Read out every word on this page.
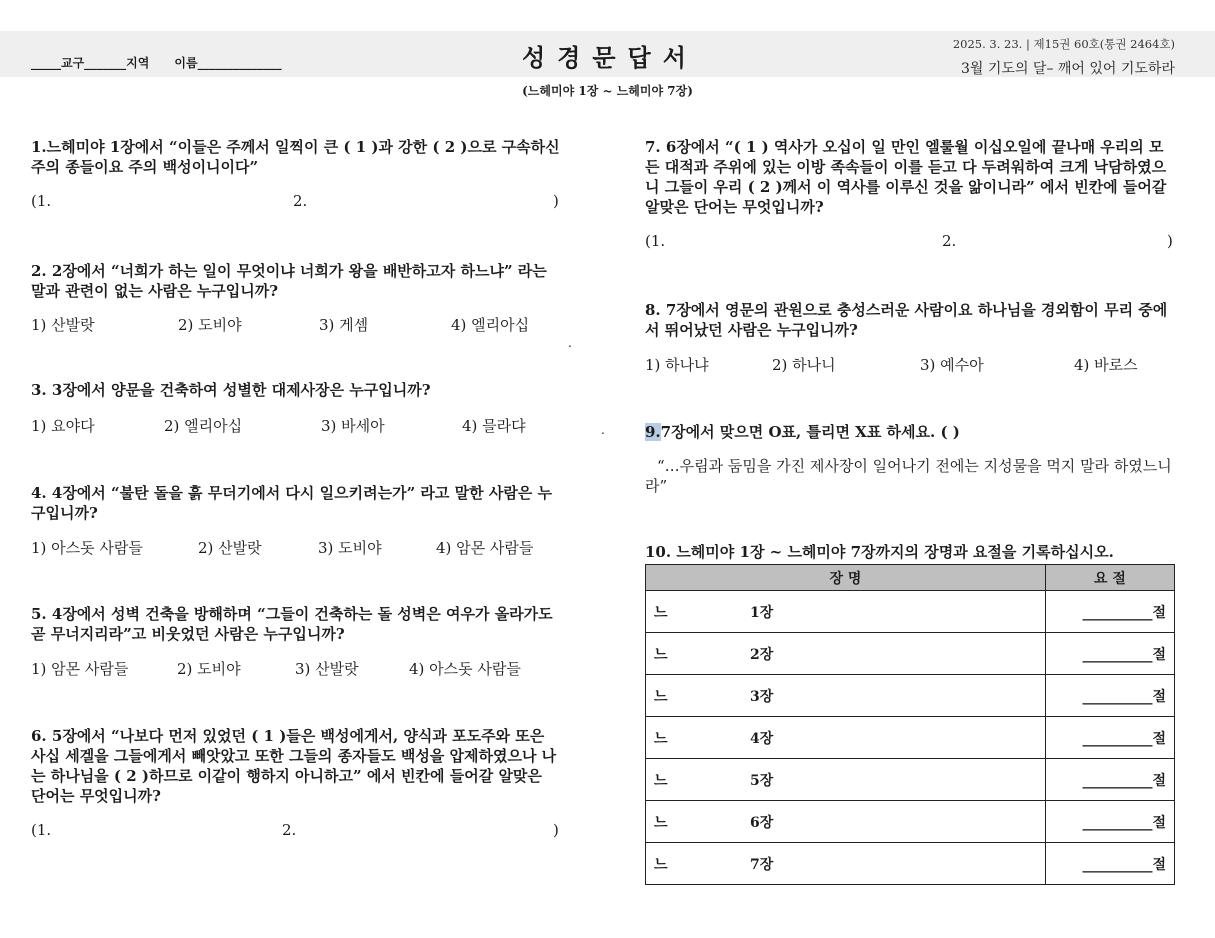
_____교구_______지역      이름______________	성경문답서	2025. 3. 23. | 제15권 60호(통권 2464호)
3월 기도의 달– 깨어 있어 기도하라
(느헤미야 1장 ~ 느헤미야 7장)
1.느헤미야 1장에서 “이들은 주께서 일찍이 큰 ( 1 )과 강한 ( 2 )으로 구속하신 주의 종들이요 주의 백성이니이다”
(1.	2.	)
2. 2장에서 “너희가 하는 일이 무엇이냐 너희가 왕을 배반하고자 하느냐” 라는 말과 관련이 없는 사람은 누구입니까?

1) 산발랏

	2) 도비야

	3) 게셈

	4) 엘리아십

.
3. 3장에서 양문을 건축하여 성별한 대제사장은 누구입니까?

1) 요야다

	2) 엘리아십

	3) 바세아

	4) 믈라댜

4. 4장에서 “불탄 돌을 흙 무더기에서 다시 일으키려는가” 라고 말한 사람은 누구입니까?

1) 아스돗 사람들

	2) 산발랏

	3) 도비야

	4) 암몬 사람들

5. 4장에서 성벽 건축을 방해하며 “그들이 건축하는 돌 성벽은 여우가 올라가도 곧 무너지리라”고 비웃었던 사람은 누구입니까?

1) 암몬 사람들

	2) 도비야

	3) 산발랏

	4) 아스돗 사람들

6. 5장에서 “나보다 먼저 있었던 ( 1 )들은 백성에게서, 양식과 포도주와 또은 사십 세겔을 그들에게서 빼앗았고 또한 그들의 종자들도 백성을 압제하였으나 나는 하나님을 ( 2 )하므로 이같이 행하지 아니하고” 에서 빈칸에 들어갈 알맞은 단어는 무엇입니까?
(1.	2.	)
7. 6장에서 “( 1 ) 역사가 오십이 일 만인 엘룰월 이십오일에 끝나매 우리의 모든 대적과 주위에 있는 이방 족속들이 이를 듣고 다 두려워하여 크게 낙담하였으니 그들이 우리 ( 2 )께서 이 역사를 이루신 것을 앎이니라” 에서 빈칸에 들어갈 알맞은 단어는 무엇입니까?
(1.	2.	)
8. 7장에서 영문의 관원으로 충성스러운 사람이요 하나님을 경외함이 무리 중에서 뛰어났던 사람은 누구입니까?

1) 하나냐

	2) 하나니

	3) 예수아

	4) 바로스

.	9.7장에서 맞으면 O표, 틀리면 X표 하세요. ( )
“…우림과 둠밈을 가진 제사장이 일어나기 전에는 지성물을 먹지 말라 하였느니라”
10. 느헤미야 1장 ~ 느헤미야 7장까지의 장명과 요절을 기록하십시오.
장 명	요 절

느 1장	__________절

느 2장	__________절

느 3장	__________절

느 4장	__________절

느 5장	__________절

느 6장	__________절

느 7장	__________절
